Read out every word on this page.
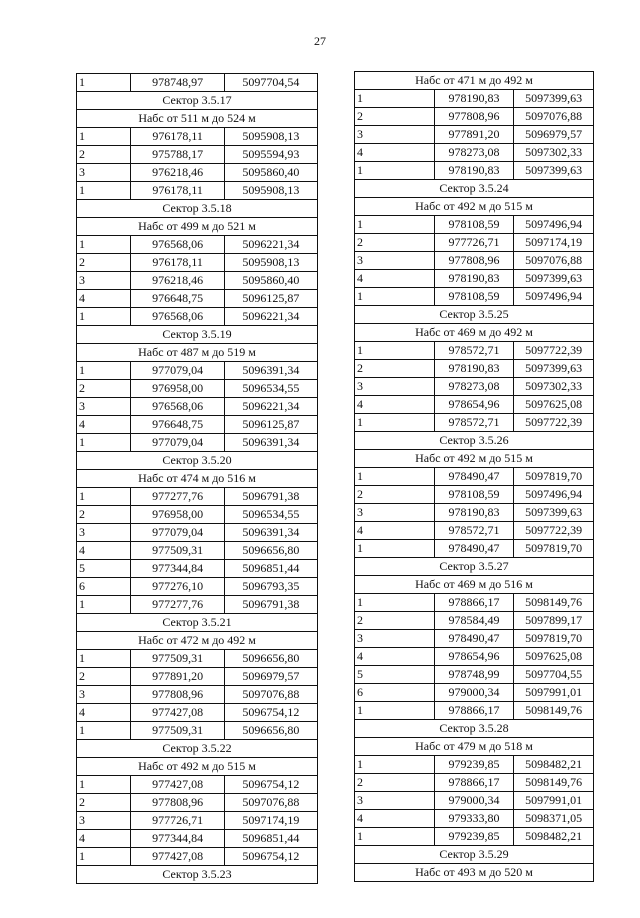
27
1	978748,97	5097704,54
Сектор 3.5.17		
Набс от 511 м до 524 м		
1	976178,11	5095908,13
2	975788,17	5095594,93
3	976218,46	5095860,40
1	976178,11	5095908,13
Сектор 3.5.18		
Набс от 499 м до 521 м		
1	976568,06	5096221,34
2	976178,11	5095908,13
3	976218,46	5095860,40
4	976648,75	5096125,87
1	976568,06	5096221,34
Сектор 3.5.19		
Набс от 487 м до 519 м		
1	977079,04	5096391,34
2	976958,00	5096534,55
3	976568,06	5096221,34
4	976648,75	5096125,87
1	977079,04	5096391,34
Сектор 3.5.20		
Набс от 474 м до 516 м		
1	977277,76	5096791,38
2	976958,00	5096534,55
3	977079,04	5096391,34
4	977509,31	5096656,80
5	977344,84	5096851,44
6	977276,10	5096793,35
1	977277,76	5096791,38
Сектор 3.5.21		
Набс от 472 м до 492 м		
1	977509,31	5096656,80
2	977891,20	5096979,57
3	977808,96	5097076,88
4	977427,08	5096754,12
1	977509,31	5096656,80
Сектор 3.5.22		
Набс от 492 м до 515 м		
1	977427,08	5096754,12
2	977808,96	5097076,88
3	977726,71	5097174,19
4	977344,84	5096851,44
1	977427,08	5096754,12
Сектор 3.5.23		
Набс от 471 м до 492 м		
1	978190,83	5097399,63
2	977808,96	5097076,88
3	977891,20	5096979,57
4	978273,08	5097302,33
1	978190,83	5097399,63
Сектор 3.5.24		
Набс от 492 м до 515 м		
1	978108,59	5097496,94
2	977726,71	5097174,19
3	977808,96	5097076,88
4	978190,83	5097399,63
1	978108,59	5097496,94
Сектор 3.5.25		
Набс от 469 м до 492 м		
1	978572,71	5097722,39
2	978190,83	5097399,63
3	978273,08	5097302,33
4	978654,96	5097625,08
1	978572,71	5097722,39
Сектор 3.5.26		
Набс от 492 м до 515 м		
1	978490,47	5097819,70
2	978108,59	5097496,94
3	978190,83	5097399,63
4	978572,71	5097722,39
1	978490,47	5097819,70
Сектор 3.5.27		
Набс от 469 м до 516 м		
1	978866,17	5098149,76
2	978584,49	5097899,17
3	978490,47	5097819,70
4	978654,96	5097625,08
5	978748,99	5097704,55
6	979000,34	5097991,01
1	978866,17	5098149,76
Сектор 3.5.28		
Набс от 479 м до 518 м		
1	979239,85	5098482,21
2	978866,17	5098149,76
3	979000,34	5097991,01
4	979333,80	5098371,05
1	979239,85	5098482,21
Сектор 3.5.29		
Набс от 493 м до 520 м		
